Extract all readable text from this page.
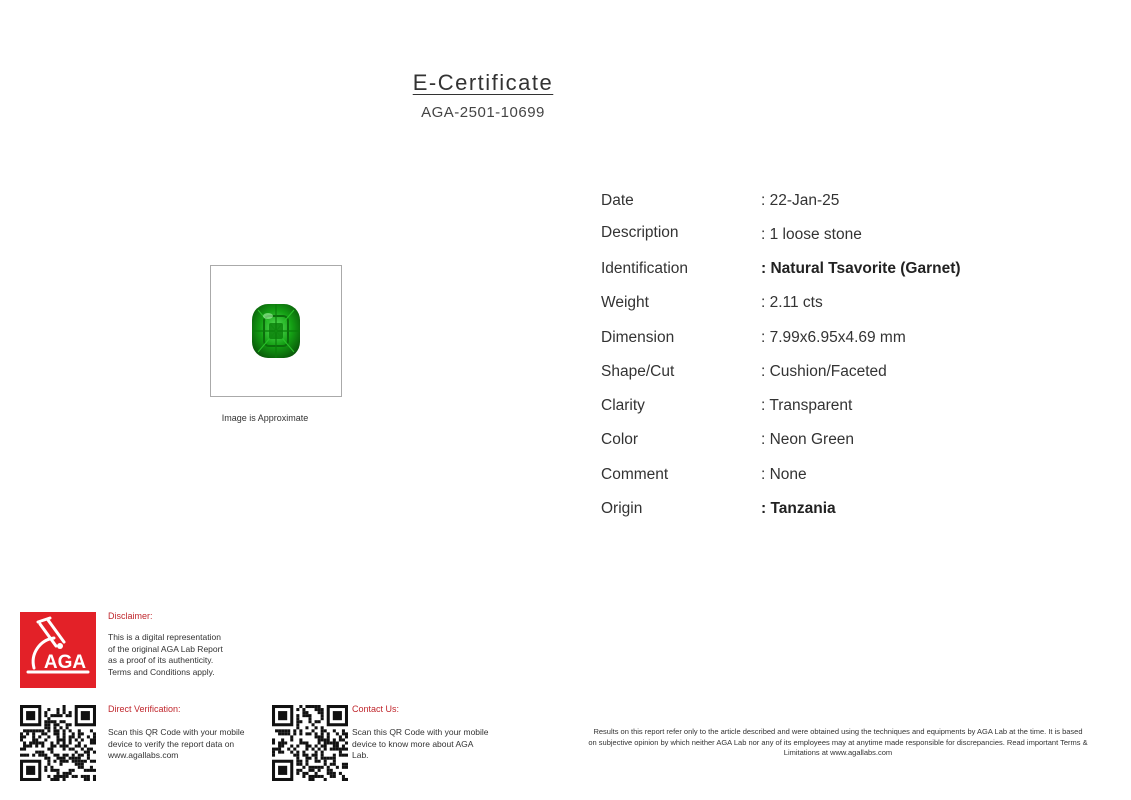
E-Certificate
AGA-2501-10699
Image is Approximate
Date	: 22-Jan-25
Description	: 1 loose stone
Identification	: Natural Tsavorite (Garnet)
Weight	: 2.11 cts
Dimension	: 7.99x6.95x4.69 mm
Shape/Cut	: Cushion/Faceted
Clarity	: Transparent
Color	: Neon Green
Comment	: None
Origin	: Tanzania
AGA
Disclaimer:
This is a digital representation
of the original AGA Lab Report
as a proof of its authenticity.
Terms and Conditions apply.
Direct Verification:
Scan this QR Code with your mobile
device to verify the report data on
www.agallabs.com
Contact Us:
Scan this QR Code with your mobile
device to know more about AGA
Lab.
Results on this report refer only to the article described and were obtained using the techniques and equipments by AGA Lab at the time. It is based
on subjective opinion by which neither AGA Lab nor any of its employees may at anytime made responsible for discrepancies. Read important Terms &
Limitations at www.agallabs.com
